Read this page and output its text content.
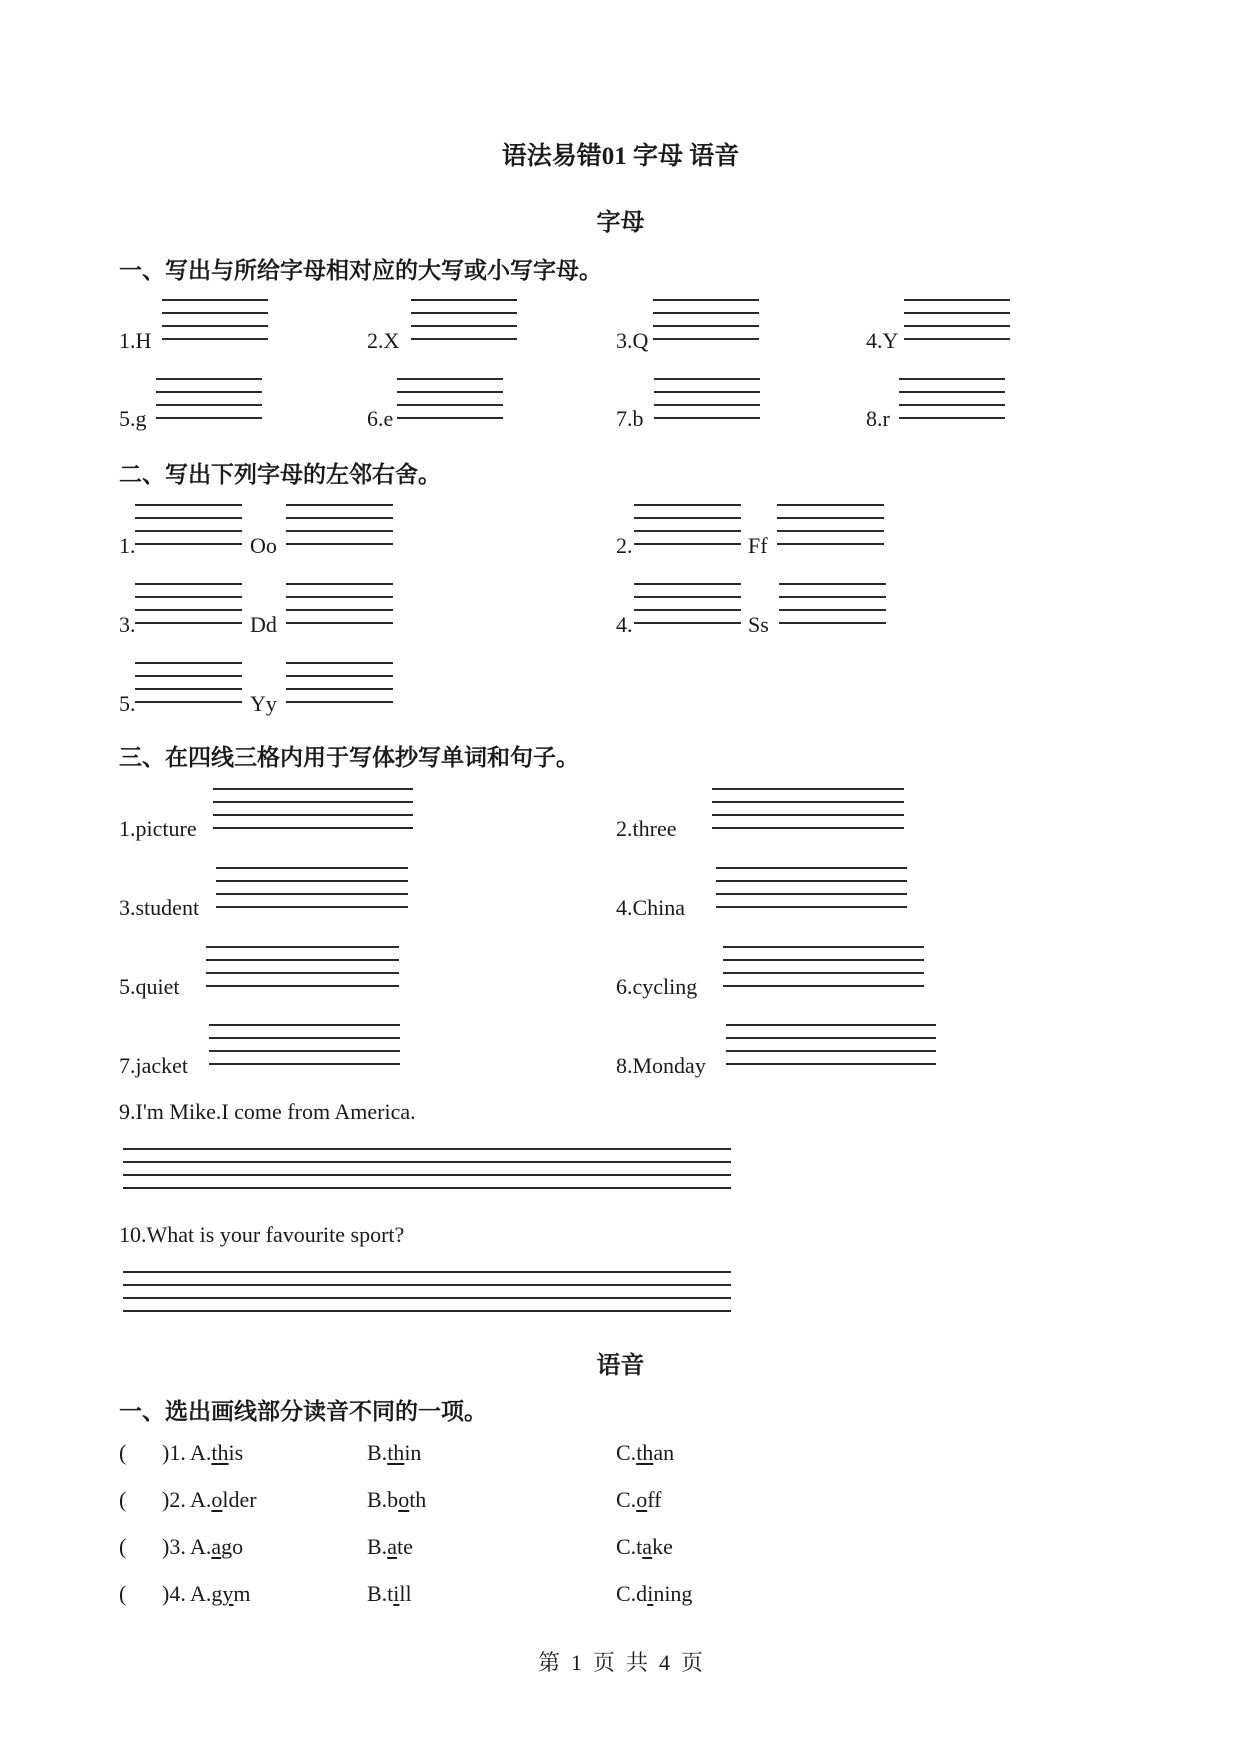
语法易错01 字母 语音
字母
一、写出与所给字母相对应的大写或小写字母。
1.H	2.X	3.Q	4.Y
5.g	6.e	7.b	8.r
二、写出下列字母的左邻右舍。
1.	Oo	2.	Ff
3.	Dd	4.	Ss
5.	Yy
三、在四线三格内用于写体抄写单词和句子。
1.picture	2.three
3.student	4.China
5.quiet	6.cycling
7.jacket	8.Monday
9.I'm Mike.I come from America.
10.What is your favourite sport?
语音
一、选出画线部分读音不同的一项。
( )1. A.this	B.thin	C.than
( )2. A.older	B.both	C.off
( )3. A.ago	B.ate	C.take
( )4. A.gym	B.till	C.dining
第  1  页  共  4  页
